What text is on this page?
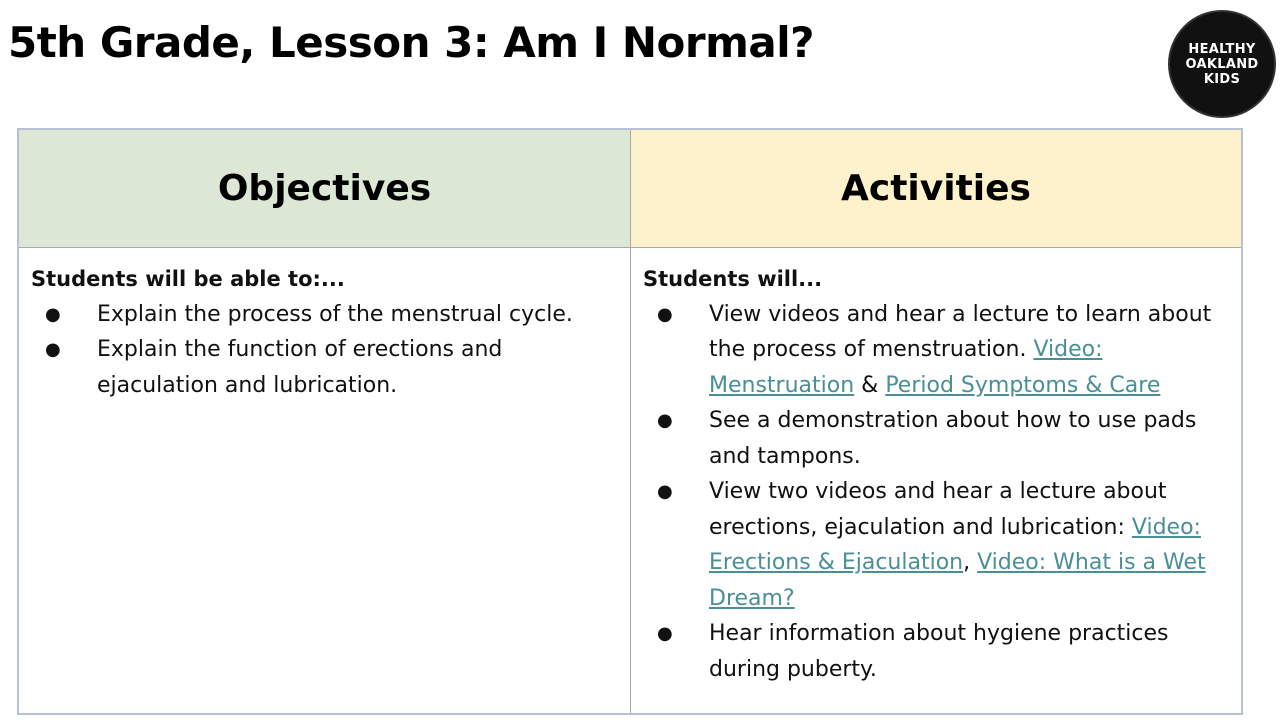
5th Grade, Lesson 3: Am I Normal?	HEALTHY
OAKLAND
KIDS
Objectives	Activities
Students will be able to:...
● Explain the process of the menstrual cycle.
● Explain the function of erections and ejaculation and lubrication.
Students will...
● View videos and hear a lecture to learn about the process of menstruation. Video: Menstruation & Period Symptoms & Care
● See a demonstration about how to use pads and tampons.
● View two videos and hear a lecture about erections, ejaculation and lubrication: Video: Erections & Ejaculation, Video: What is a Wet Dream?
● Hear information about hygiene practices during puberty.
